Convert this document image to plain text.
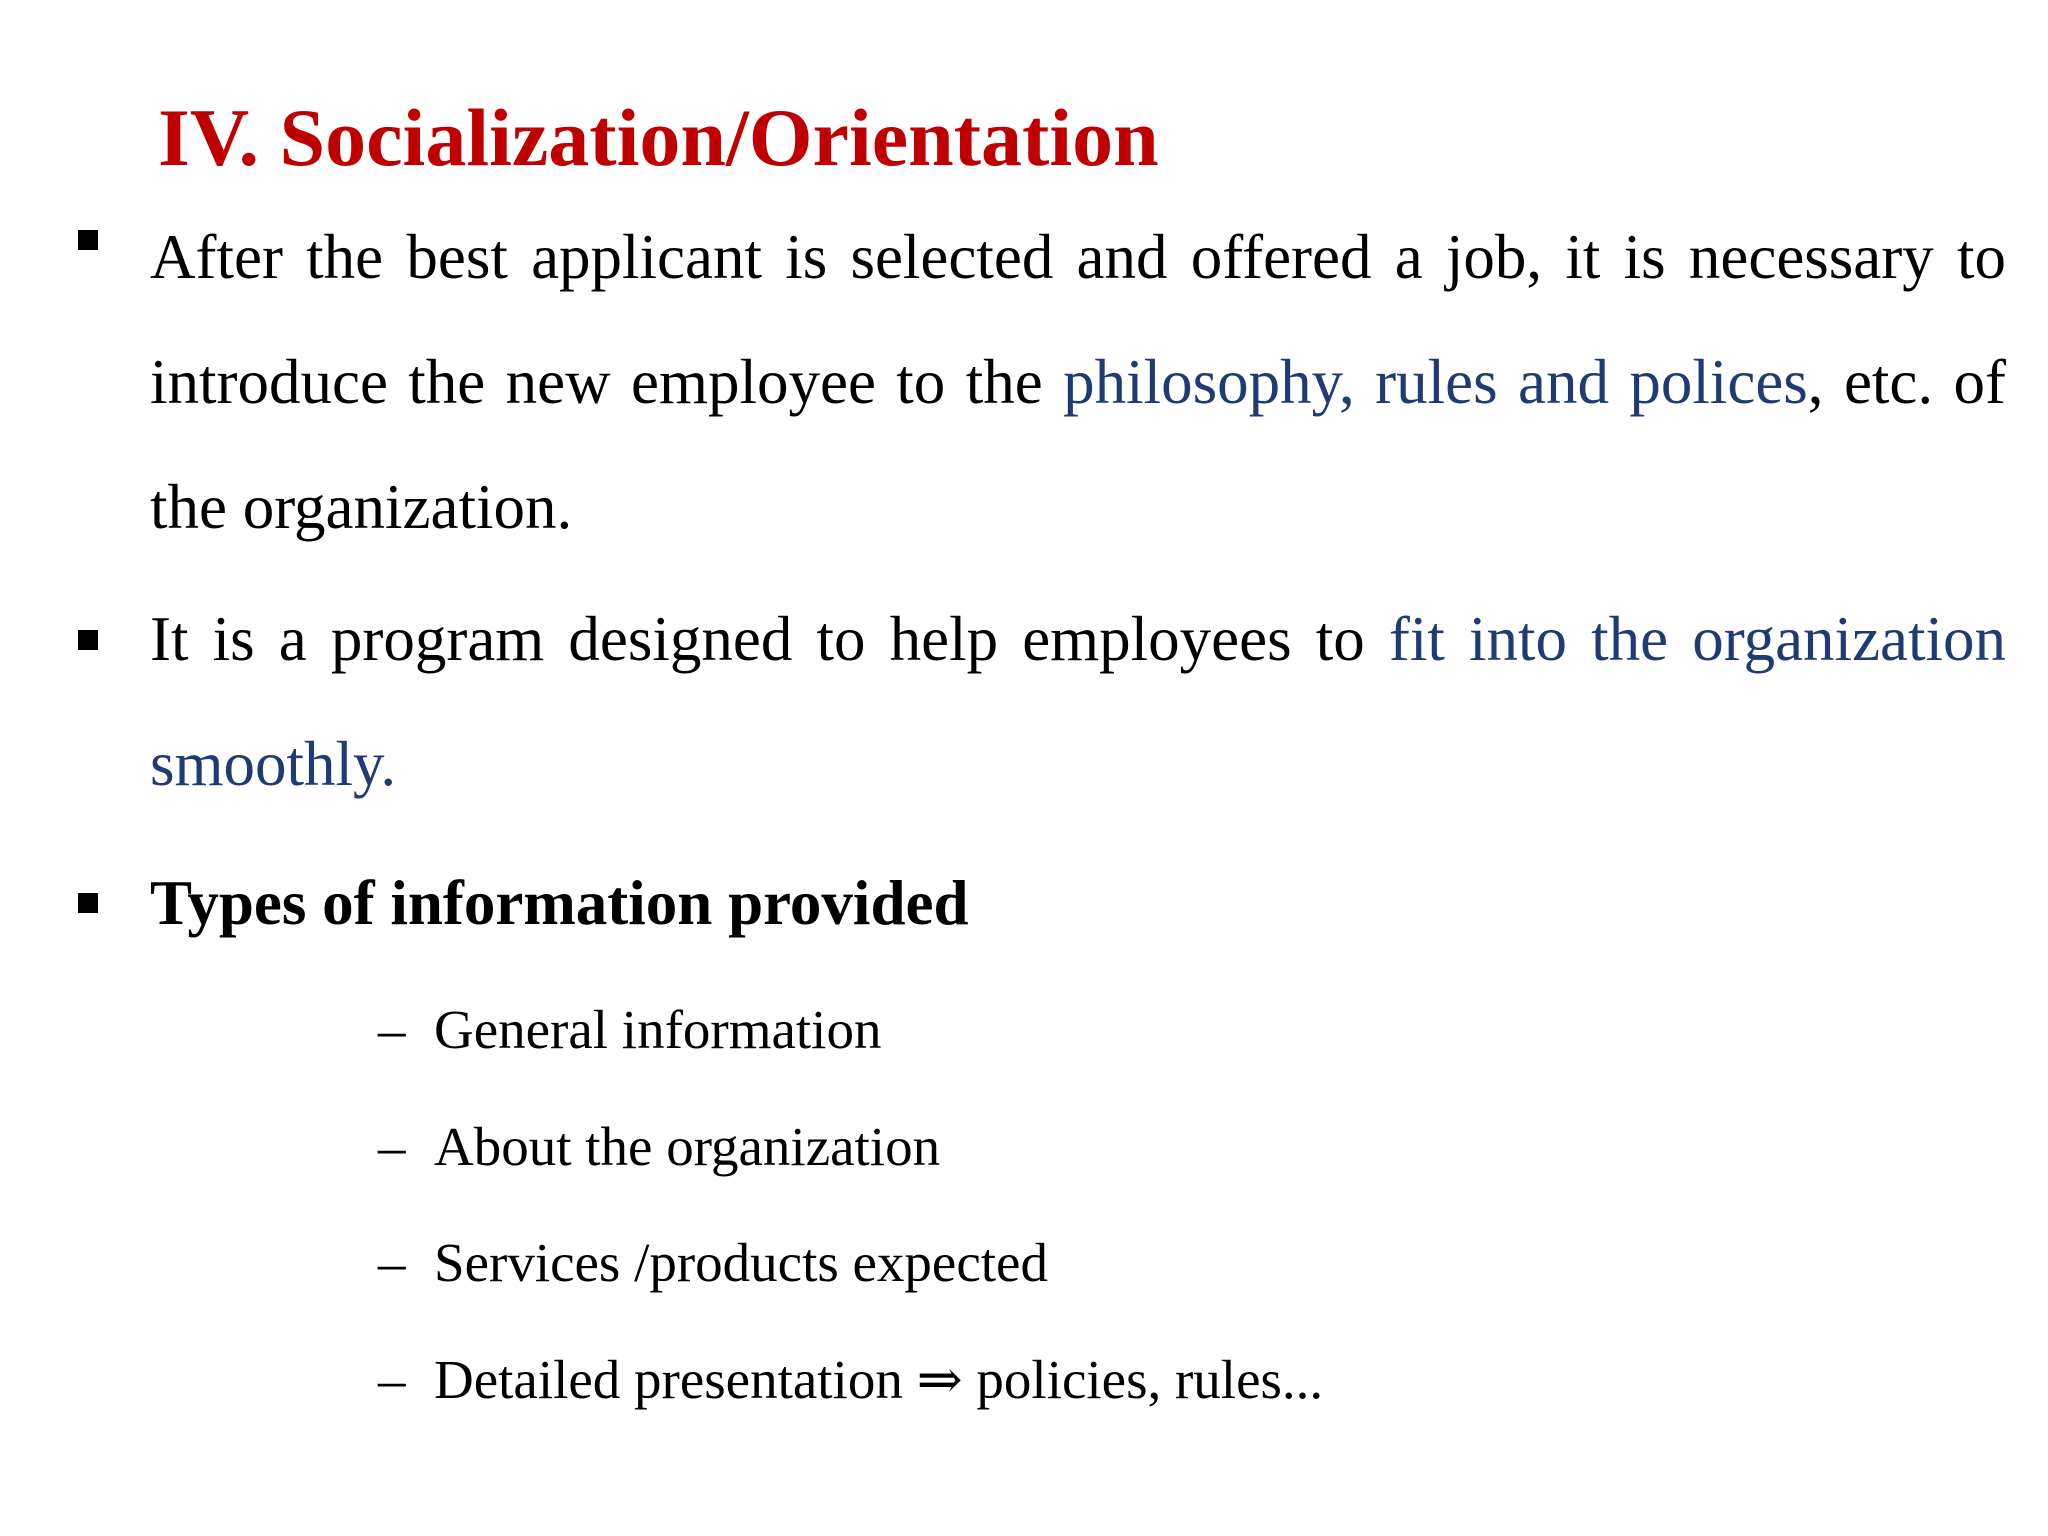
IV. Socialization/Orientation

After the best applicant is selected and offered a job, it is necessary to introduce the new employee to the philosophy, rules and polices, etc. of the organization.

It is a program designed to help employees to fit into the organization smoothly.

Types of information provided

– General information

– About the organization

– Services /products expected

– Detailed presentation ⇒ policies, rules...
